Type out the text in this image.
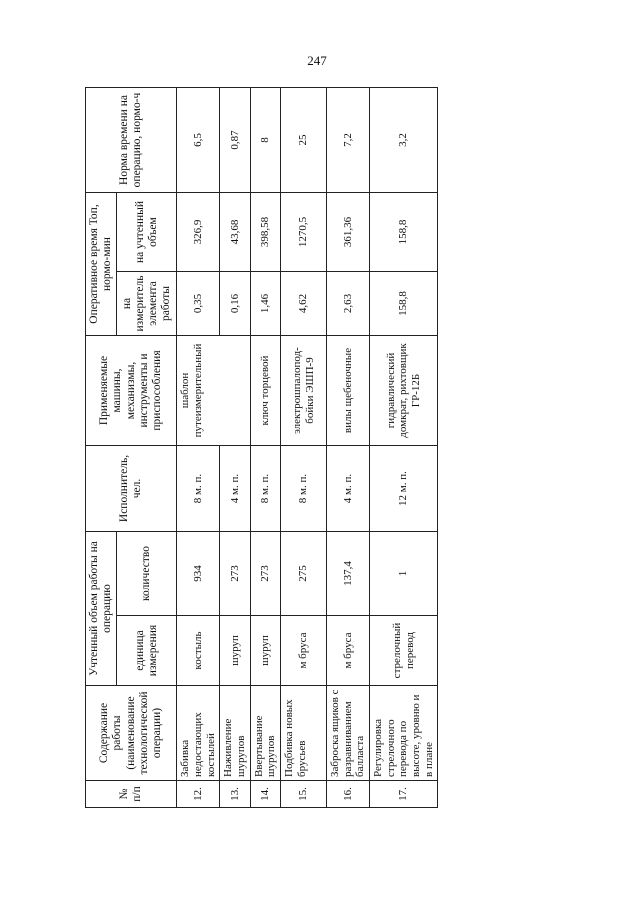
247
№ п/п	Содержание работы (наименование технологической операции)	Учтенный объем работы на операцию		Исполнитель, чел.	Применяемые машины, механизмы, инструменты и приспособления	Оперативное время Топ, нормо-мин		Норма времени на операцию, нормо-ч
		единица измерения	количество			на измеритель элемента работы	на учтенный объем	
12.	Забивка недостающих костылей	костыль	934	8 м. п.	шаблон путеизмерительный	0,35	326,9	6,5
13.	Наживление шурупов	шуруп	273	4 м. п.		0,16	43,68	0,87
14.	Ввертывание шурупов	шуруп	273	8 м. п.	ключ торцевой	1,46	398,58	8
15.	Подбивка новых брусьев	м бруса	275	8 м. п.	электрошпалопод-бойки ЭШП-9	4,62	1270,5	25
16.	Заброска ящиков с разравниванием балласта	м бруса	137,4	4 м. п.	вилы щебеночные	2,63	361,36	7,2
17.	Регулировка стрелочного перевода по высоте, уровню и в плане	стрелочный перевод	1	12 м. п.	гидравлический домкрат, рихтовщик ГР-12Б	158,8	158,8	3,2
